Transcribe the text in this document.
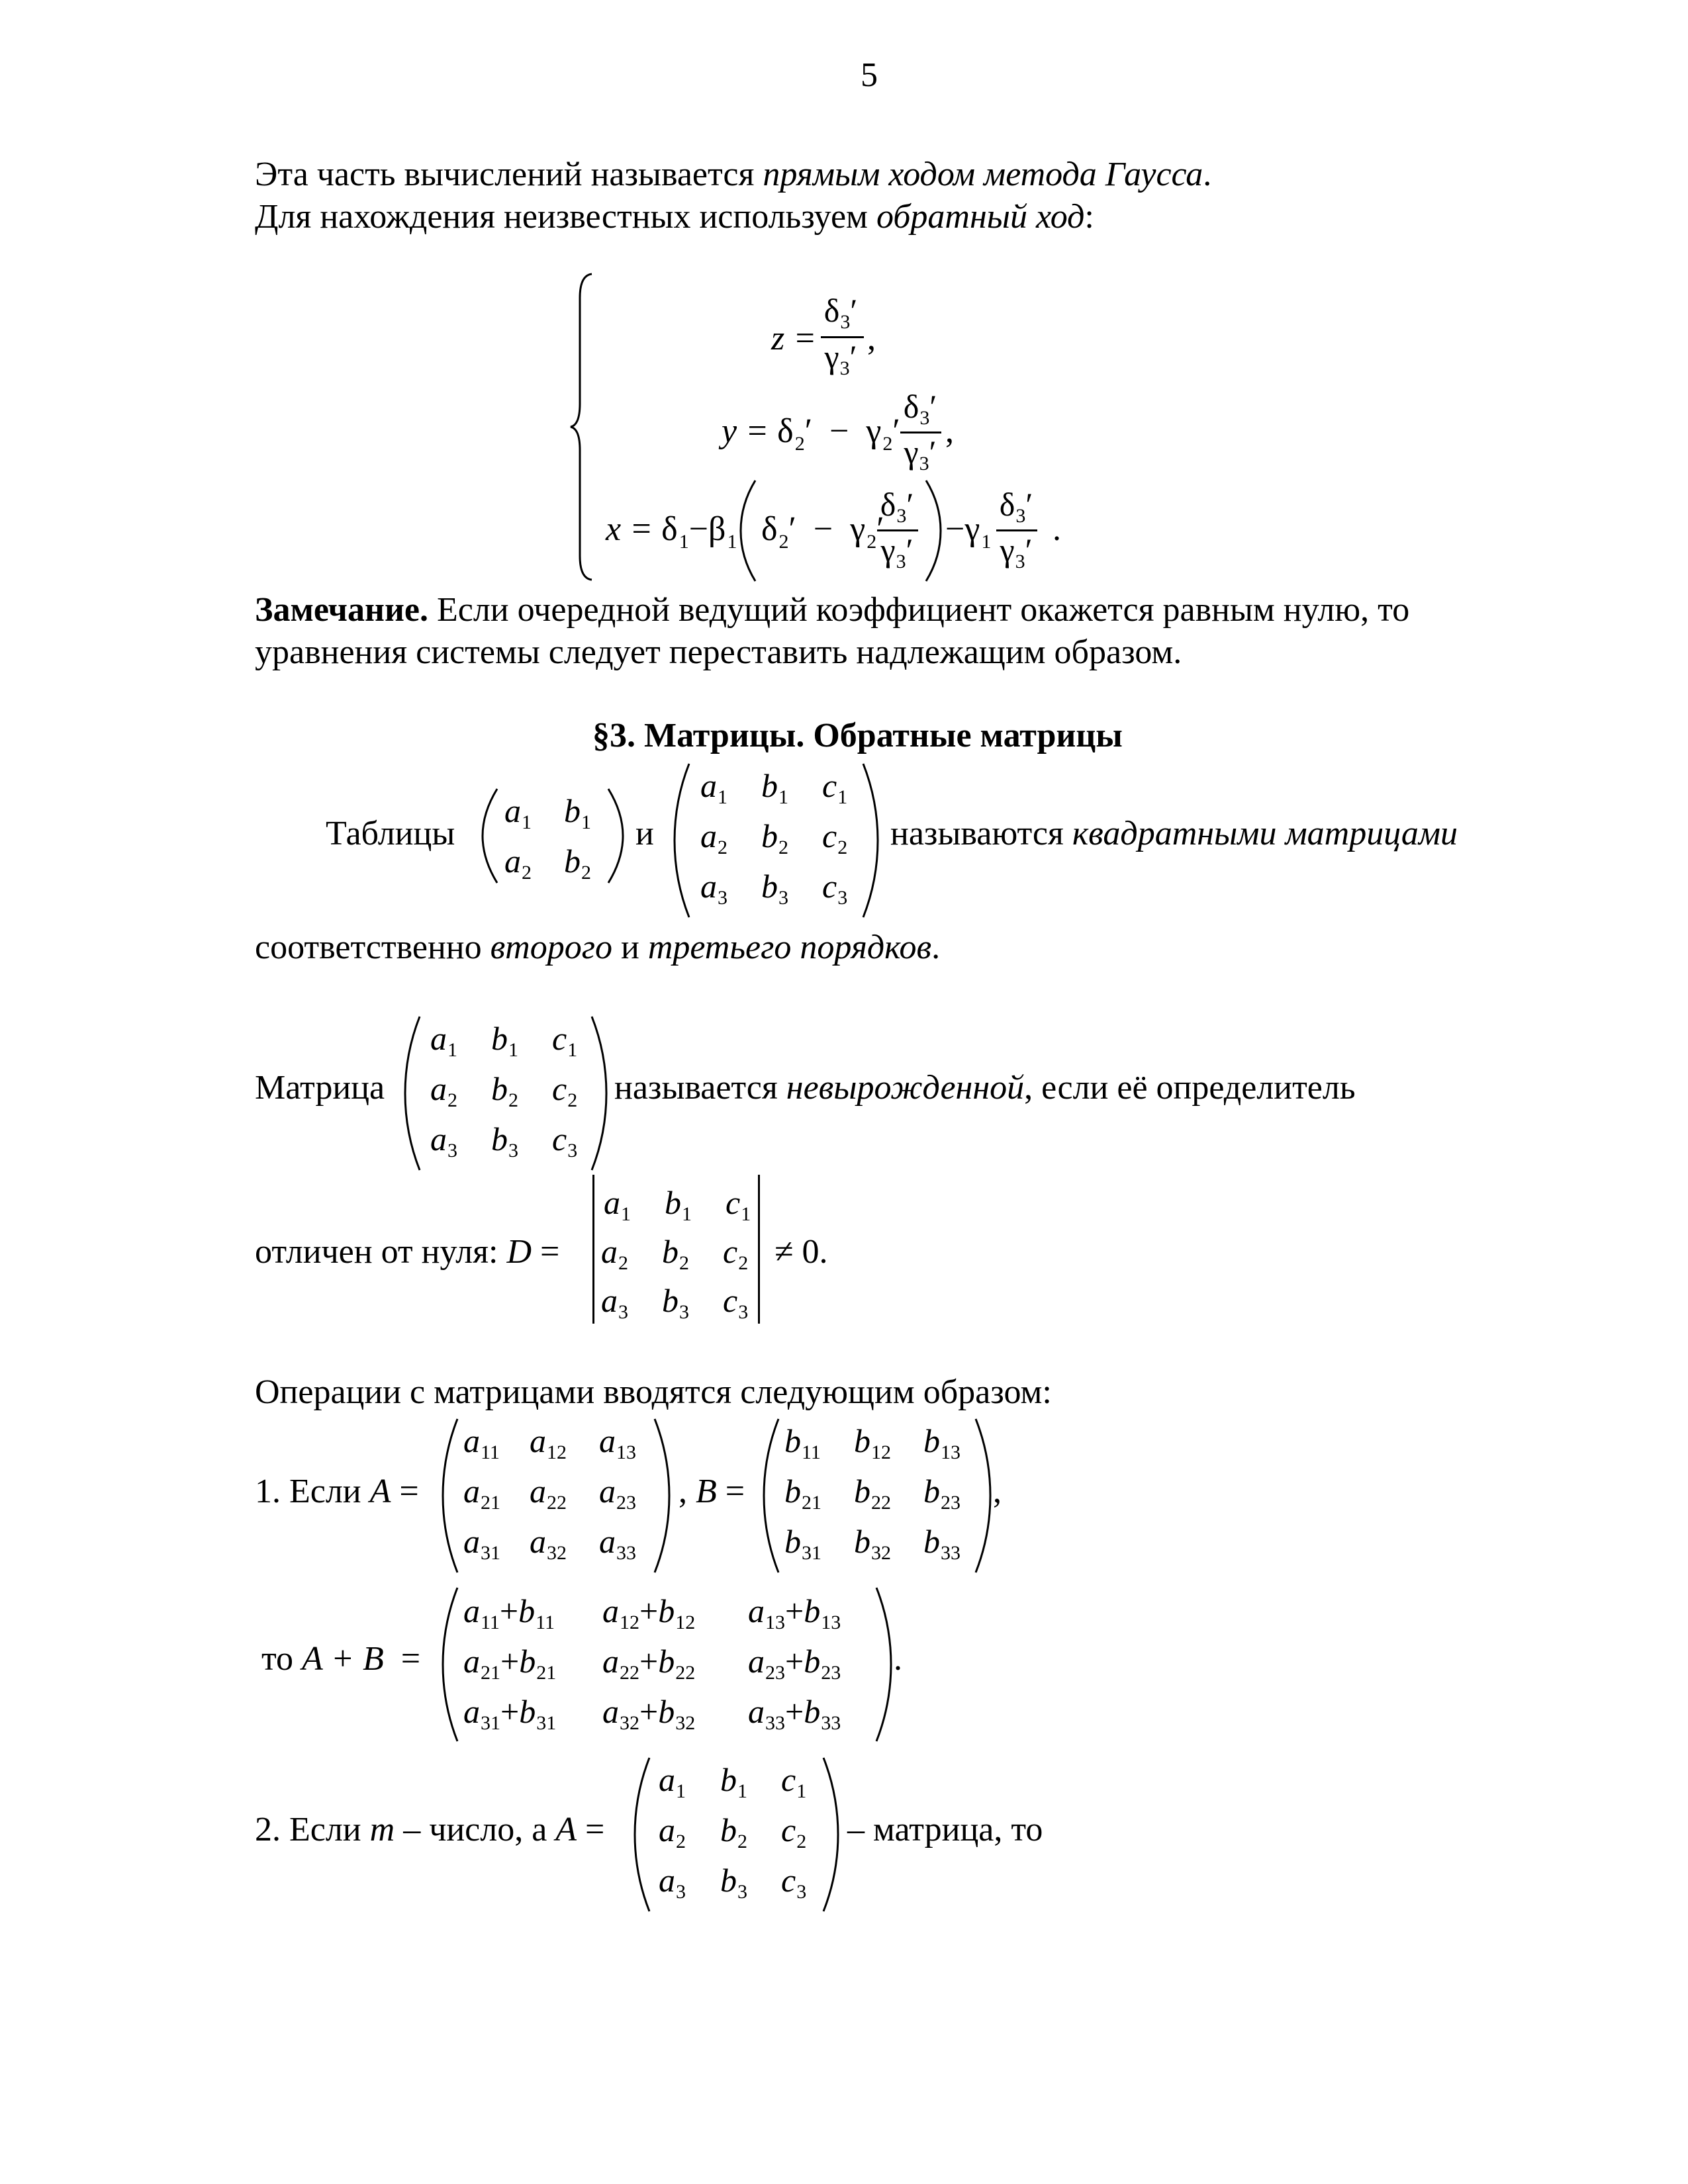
5
Эта часть вычислений называется прямым ходом метода Гаусса.
Для нахождения неизвестных используем обратный ход:
z =
$\delta_3'$
$\gamma_3'$ ,
$y = \delta_2' - \gamma_2'$
$\delta_3'$
$\gamma_3'$
,
$x = \delta_1-\beta_1$ $\delta_2' - \gamma_2'$
$\delta_3'$
$\gamma_3'$
$-\gamma_1$
$\delta_3'$
$\gamma_3'$
.
Замечание. Если очередной ведущий коэффициент окажется равным нулю, то
уравнения системы следует переставить надлежащим образом.
§3. Матрицы. Обратные матрицы
Таблицы
$a_1$ $b_1$
$a_2$ $b_2$
и
$a_1$ $b_1$ $c_1$
$a_2$ $b_2$ $c_2$
$a_3$ $b_3$ $c_3$
называются квадратными матрицами
соответственно второго и третьего порядков.
Матрица
$a_1$ $b_1$ $c_1$
$a_2$ $b_2$ $c_2$
$a_3$ $b_3$ $c_3$
называется невырожденной, если её определитель
отличен от нуля: D =
$a_1$ $b_1$ $c_1$
$a_2$ $b_2$ $c_2$
$a_3$ $b_3$ $c_3$
≠ 0.
Операции с матрицами вводятся следующим образом:
1. Если A =
$a_{11}$ $a_{12}$ $a_{13}$
$a_{21}$ $a_{22}$ $a_{23}$
$a_{31}$ $a_{32}$ $a_{33}$
, B =
$b_{11}$ $b_{12}$ $b_{13}$
$b_{21}$ $b_{22}$ $b_{23}$
$b_{31}$ $b_{32}$ $b_{33}$
,
то A + B =
$a_{11}+b_{11}$ $a_{12}+b_{12}$ $a_{13}+b_{13}$
$a_{21}+b_{21}$ $a_{22}+b_{22}$ $a_{23}+b_{23}$
$a_{31}+b_{31}$ $a_{32}+b_{32}$ $a_{33}+b_{33}$
.
2. Если m – число, а A =
$a_1$ $b_1$ $c_1$
$a_2$ $b_2$ $c_2$
$a_3$ $b_3$ $c_3$
– матрица, то
